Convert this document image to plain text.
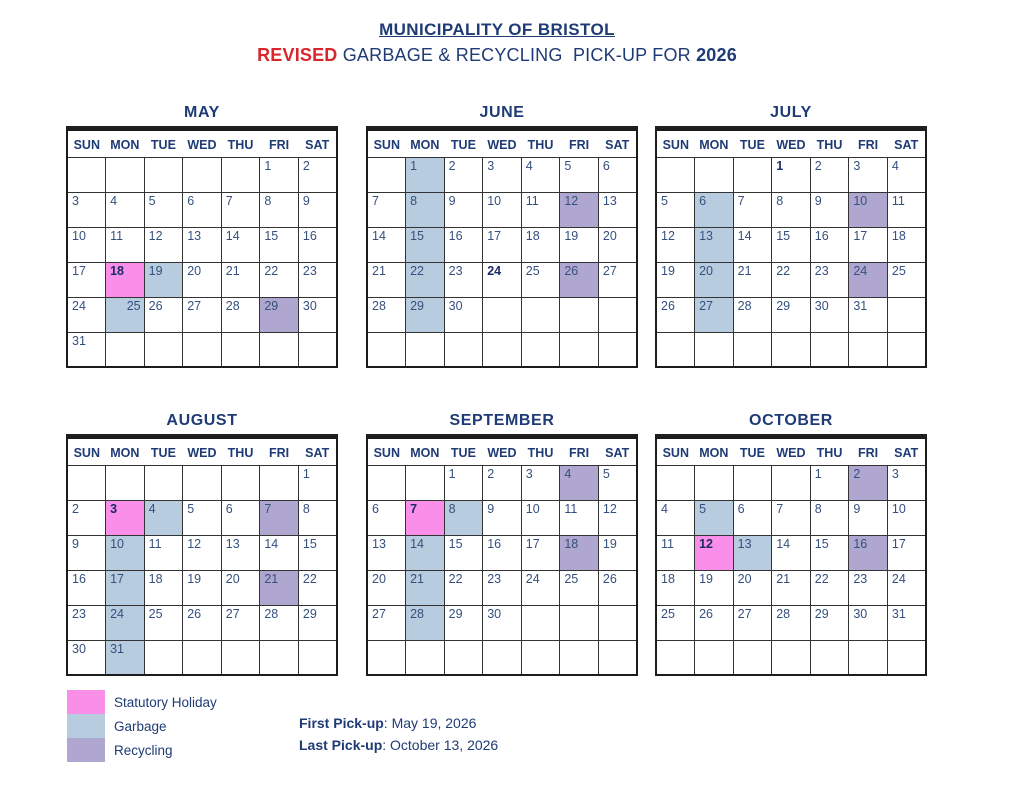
MUNICIPALITY OF BRISTOL
REVISED GARBAGE & RECYCLING  PICK-UP FOR 2026
MAY
SUN	MON	TUE	WED	THU	FRI	SAT
					1	2
3	4	5	6	7	8	9
10	11	12	13	14	15	16
17	18	19	20	21	22	23
24	25	26	27	28	29	30
31						
JUNE
SUN	MON	TUE	WED	THU	FRI	SAT
	1	2	3	4	5	6
7	8	9	10	11	12	13
14	15	16	17	18	19	20
21	22	23	24	25	26	27
28	29	30				

JULY
SUN	MON	TUE	WED	THU	FRI	SAT
			1	2	3	4
5	6	7	8	9	10	11
12	13	14	15	16	17	18
19	20	21	22	23	24	25
26	27	28	29	30	31	

AUGUST
SUN	MON	TUE	WED	THU	FRI	SAT
						1
2	3	4	5	6	7	8
9	10	11	12	13	14	15
16	17	18	19	20	21	22
23	24	25	26	27	28	29
30	31					
SEPTEMBER
SUN	MON	TUE	WED	THU	FRI	SAT
		1	2	3	4	5
6	7	8	9	10	11	12
13	14	15	16	17	18	19
20	21	22	23	24	25	26
27	28	29	30			

OCTOBER
SUN	MON	TUE	WED	THU	FRI	SAT
				1	2	3
4	5	6	7	8	9	10
11	12	13	14	15	16	17
18	19	20	21	22	23	24
25	26	27	28	29	30	31

Statutory Holiday
Garbage
Recycling
First Pick-up: May 19, 2026
Last Pick-up: October 13, 2026
